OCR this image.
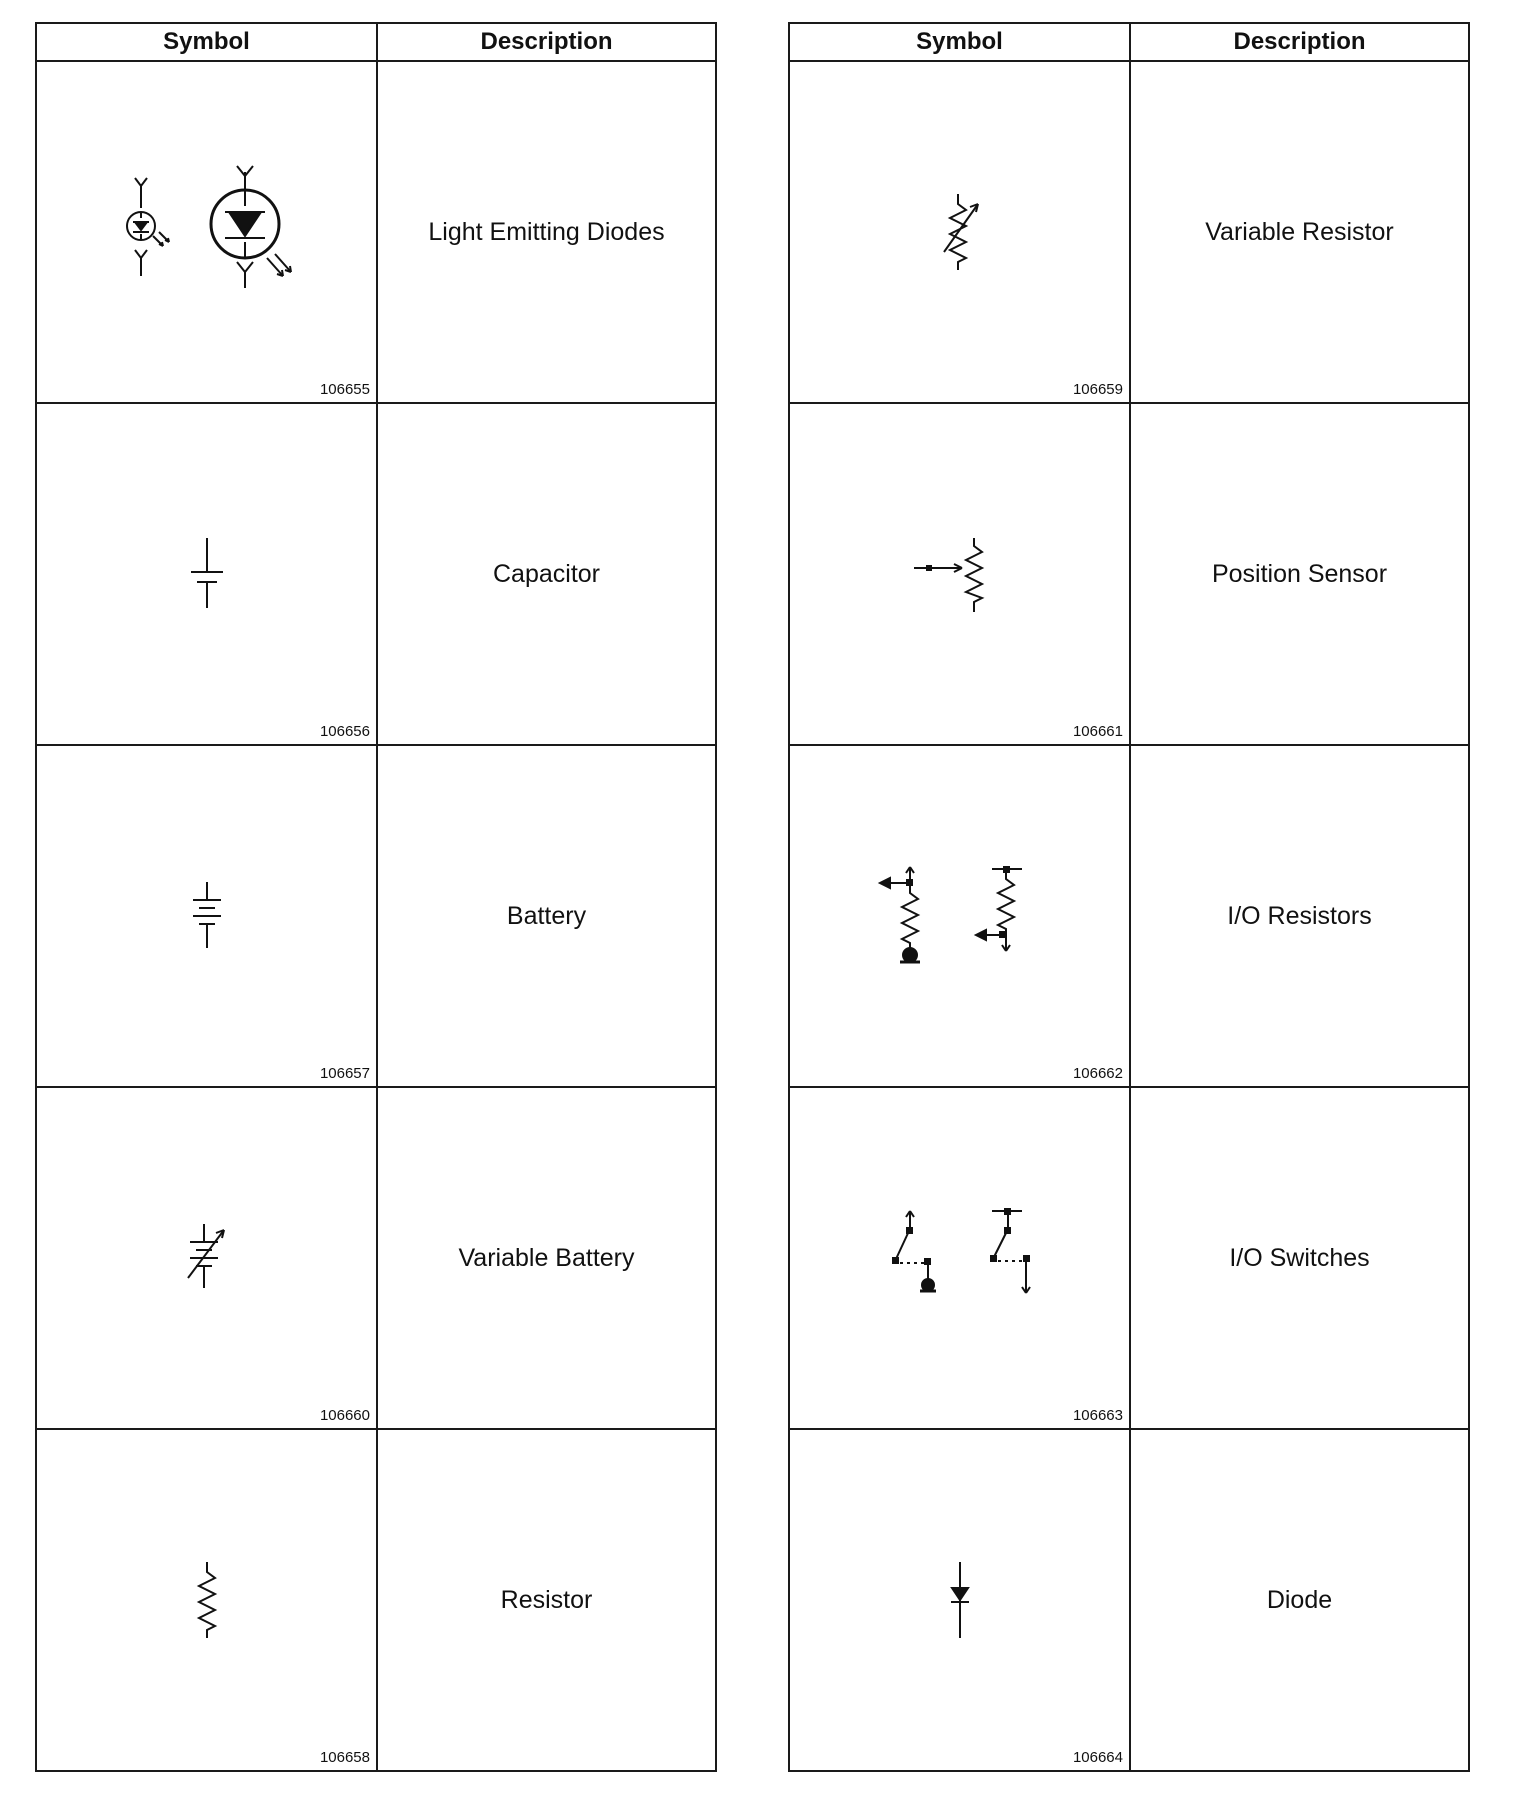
Symbol	Description

106655	Light Emitting Diodes

106656	Capacitor

106657	Battery

106660	Variable Battery

106658	Resistor
Symbol	Description

106659	Variable Resistor

106661	Position Sensor

106662	I/O Resistors

106663	I/O Switches

106664	Diode
